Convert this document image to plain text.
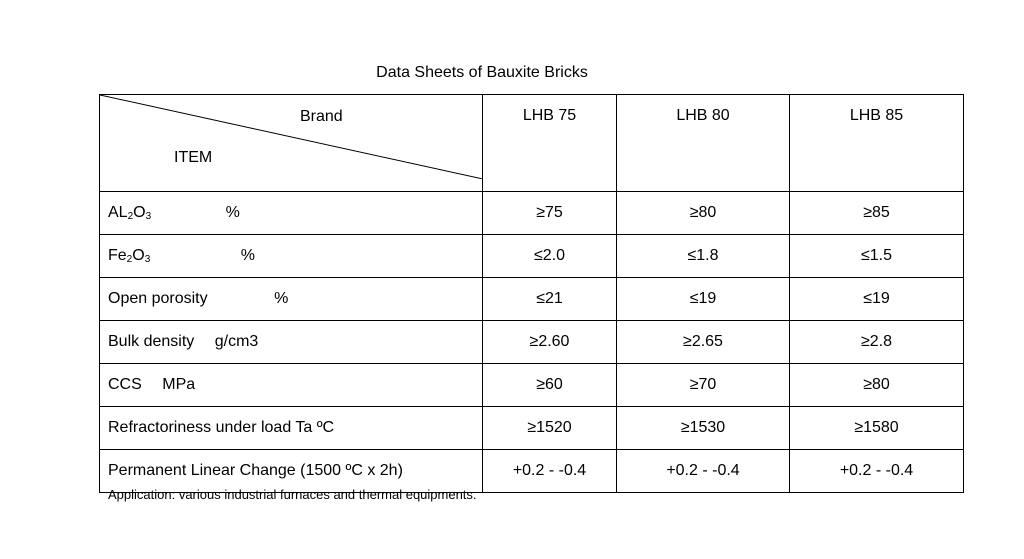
Data Sheets of Bauxite Bricks
Brand
ITEM	LHB 75	LHB 80	LHB 85
$AL_2O_3$ %	≥75	≥80	≥85
$Fe_2O_3$ %	≤2.0	≤1.8	≤1.5
Open porosity %	≤21	≤19	≤19
Bulk density g/cm3	≥2.60	≥2.65	≥2.8
CCS MPa	≥60	≥70	≥80
Refractoriness under load Ta ºC	≥1520	≥1530	≥1580
Permanent Linear Change (1500 ºC x 2h)	+0.2 - -0.4	+0.2 - -0.4	+0.2 - -0.4
Application: various industrial furnaces and thermal equipments.
